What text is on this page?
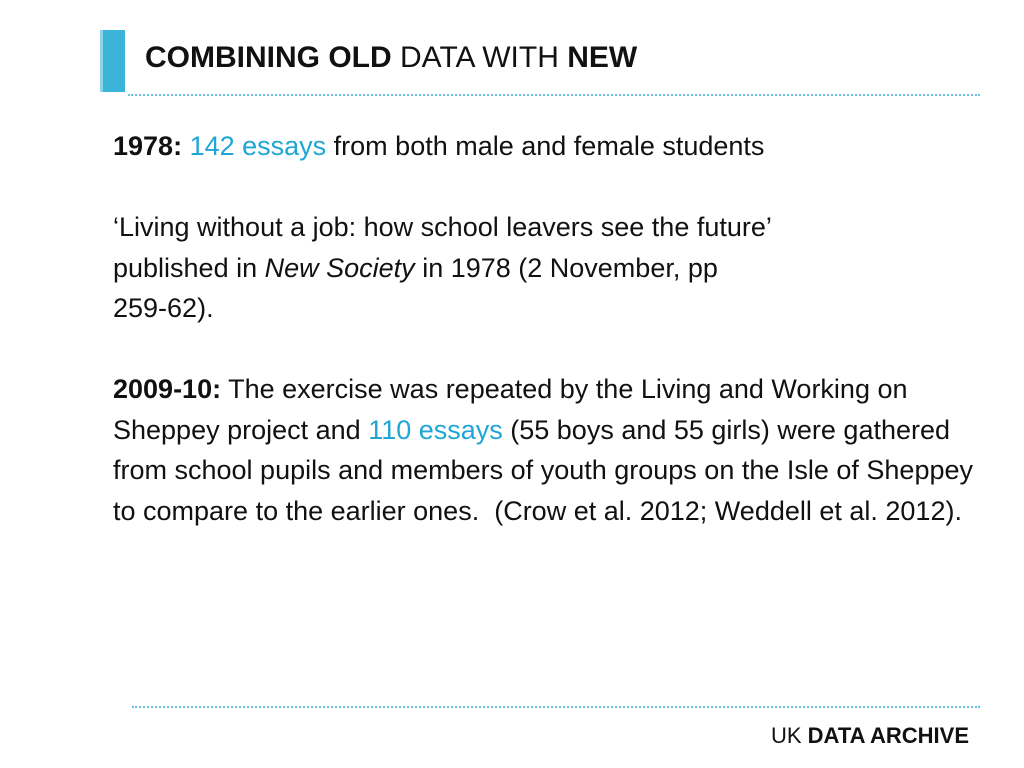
COMBINING OLD DATA WITH NEW

1978: 142 essays from both male and female students

‘Living without a job: how school leavers see the future’
published in New Society in 1978 (2 November, pp
259-62).

2009-10: The exercise was repeated by the Living and Working on Sheppey project and 110 essays (55 boys and 55 girls) were gathered from school pupils and members of youth groups on the Isle of Sheppey to compare to the earlier ones.  (Crow et al. 2012; Weddell et al. 2012).

UK DATA ARCHIVE
